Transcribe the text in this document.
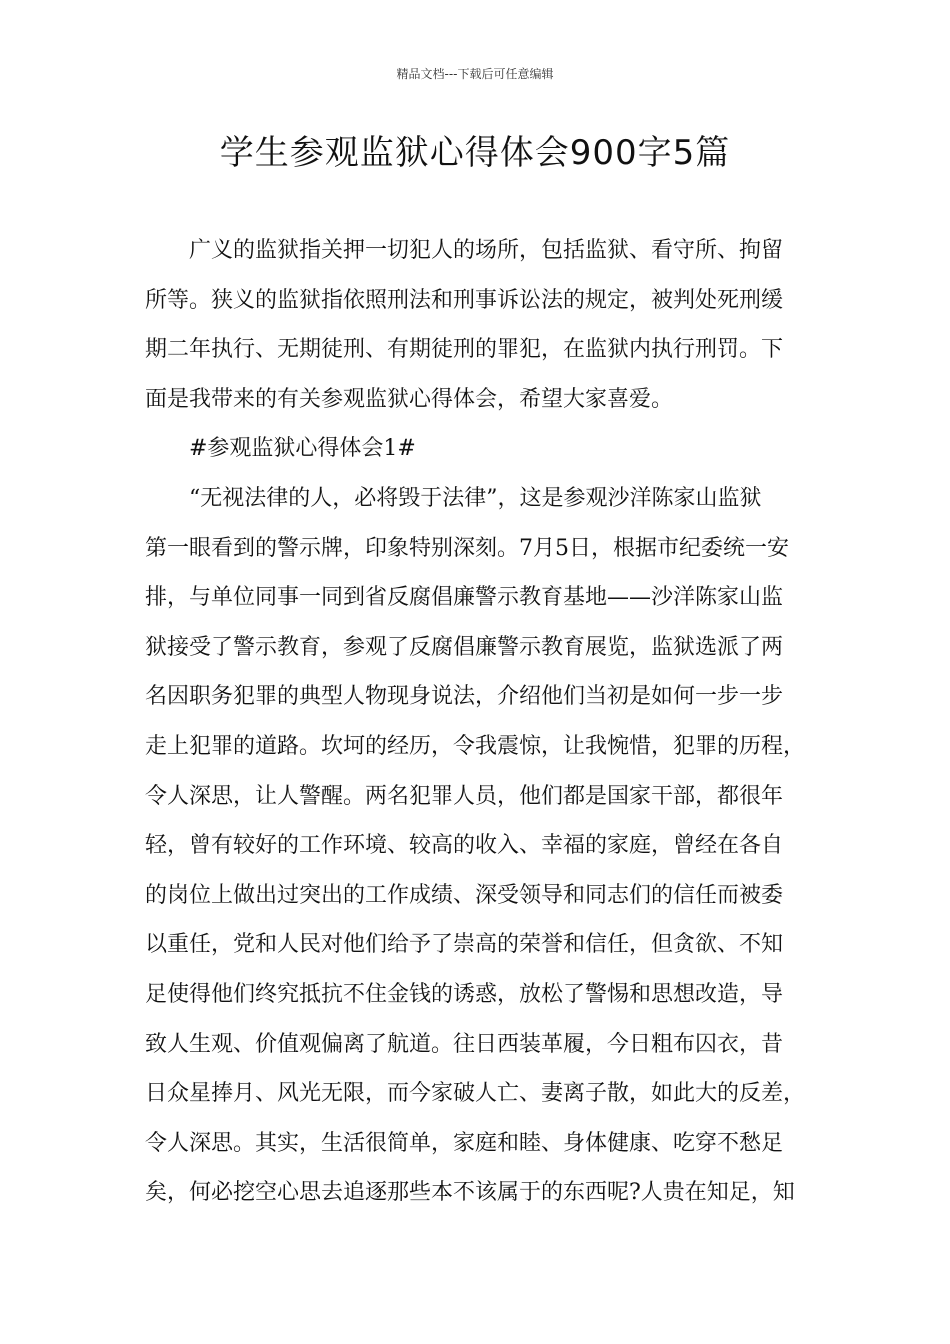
精品文档---下载后可任意编辑
学生参观监狱心得体会900字5篇
广义的监狱指关押一切犯人的场所，包括监狱、看守所、拘留
所等。狭义的监狱指依照刑法和刑事诉讼法的规定，被判处死刑缓
期二年执行、无期徒刑、有期徒刑的罪犯，在监狱内执行刑罚。下
面是我带来的有关参观监狱心得体会，希望大家喜爱。
#参观监狱心得体会1#
“无视法律的人，必将毁于法律”，这是参观沙洋陈家山监狱
第一眼看到的警示牌，印象特别深刻。7月5日，根据市纪委统一安
排，与单位同事一同到省反腐倡廉警示教育基地——沙洋陈家山监
狱接受了警示教育，参观了反腐倡廉警示教育展览，监狱选派了两
名因职务犯罪的典型人物现身说法，介绍他们当初是如何一步一步
走上犯罪的道路。坎坷的经历，令我震惊，让我惋惜，犯罪的历程，
令人深思，让人警醒。两名犯罪人员，他们都是国家干部，都很年
轻，曾有较好的工作环境、较高的收入、幸福的家庭，曾经在各自
的岗位上做出过突出的工作成绩、深受领导和同志们的信任而被委
以重任，党和人民对他们给予了崇高的荣誉和信任，但贪欲、不知
足使得他们终究抵抗不住金钱的诱惑，放松了警惕和思想改造，导
致人生观、价值观偏离了航道。往日西装革履，今日粗布囚衣，昔
日众星捧月、风光无限，而今家破人亡、妻离子散，如此大的反差，
令人深思。其实，生活很简单，家庭和睦、身体健康、吃穿不愁足
矣，何必挖空心思去追逐那些本不该属于的东西呢?人贵在知足，知
